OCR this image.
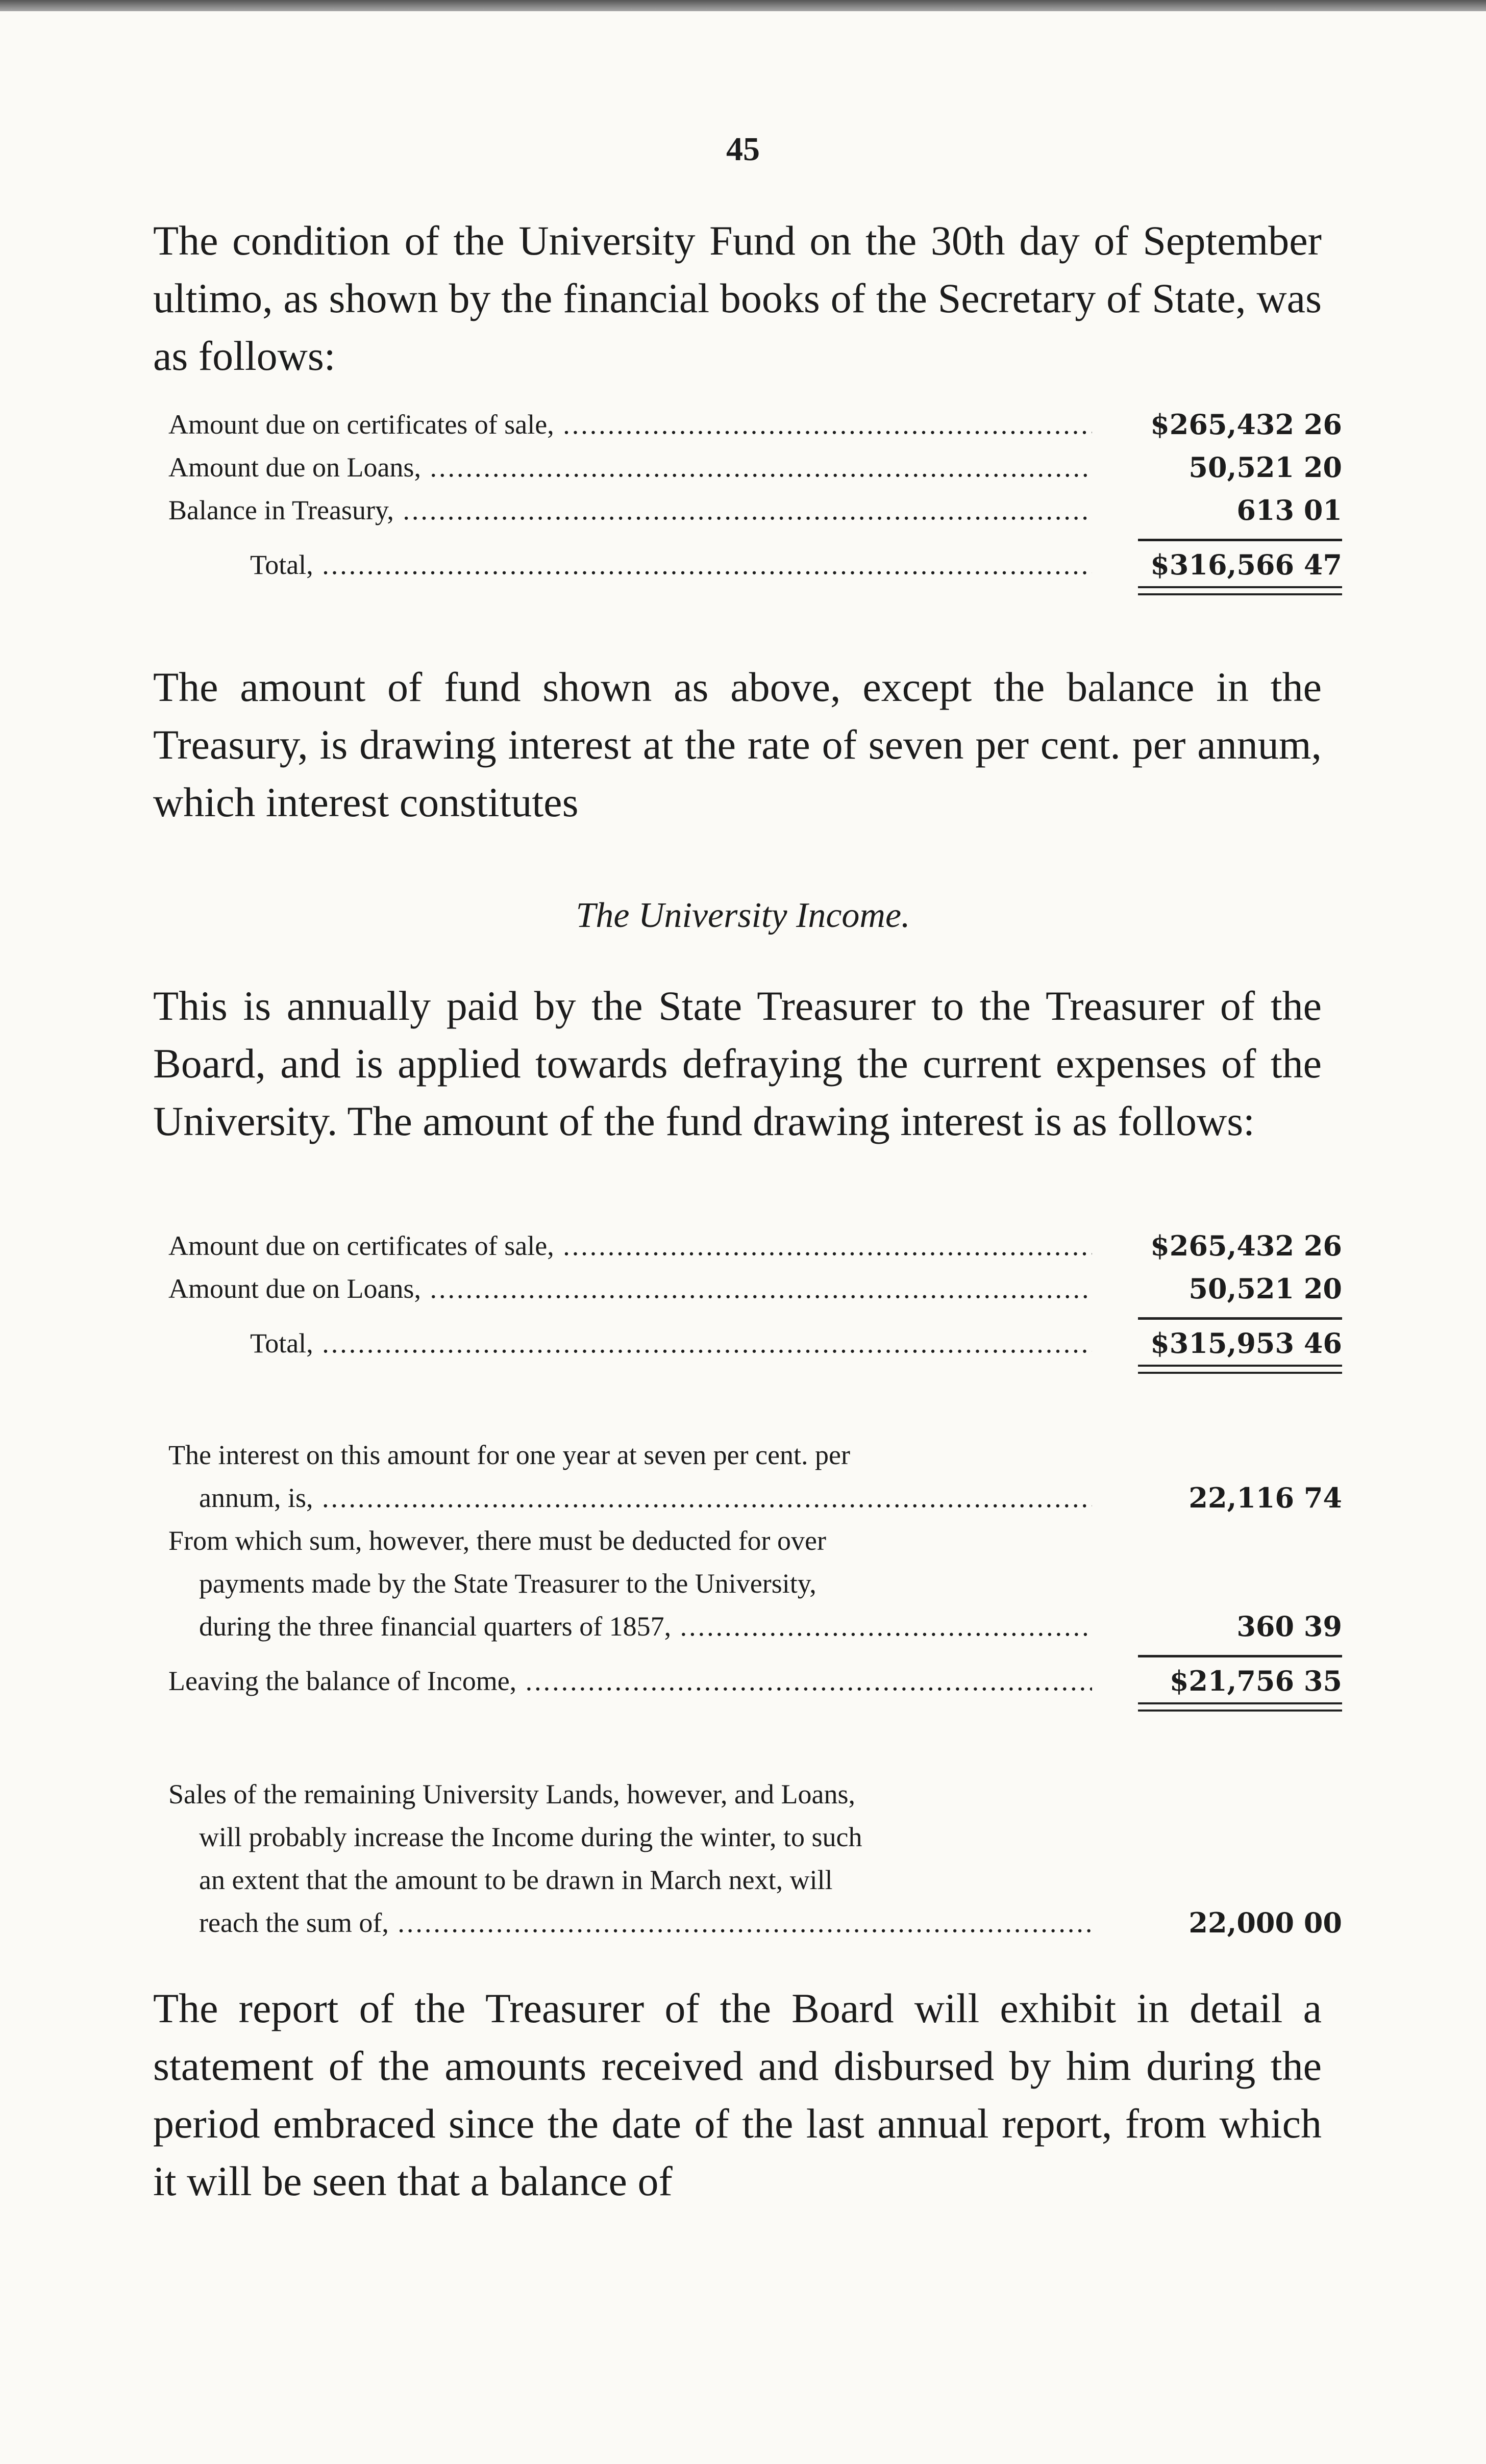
45

The condition of the University Fund on the 30th day of September ultimo, as shown by the financial books of the Secretary of State, was as follows:

Amount due on certificates of sale, .....	$265,432 26
Amount due on Loans, .....	50,521 20
Balance in Treasury, .....	613 01
Total, .....	$316,566 47

The amount of fund shown as above, except the balance in the Treasury, is drawing interest at the rate of seven per cent. per annum, which interest constitutes

The University Income.

This is annually paid by the State Treasurer to the Treasurer of the Board, and is applied towards defraying the current expenses of the University. The amount of the fund drawing interest is as follows:

Amount due on certificates of sale, .....	$265,432 26
Amount due on Loans, .....	50,521 20
Total, .....	$315,953 46
The interest on this amount for one year at seven per cent. per
annum, is, .....	22,116 74
From which sum, however, there must be deducted for over
payments made by the State Treasurer to the University,
during the three financial quarters of 1857, .....	360 39
Leaving the balance of Income, .....	$21,756 35
Sales of the remaining University Lands, however, and Loans,
will probably increase the Income during the winter, to such
an extent that the amount to be drawn in March next, will
reach the sum of, .....	22,000 00

The report of the Treasurer of the Board will exhibit in detail a statement of the amounts received and disbursed by him during the period embraced since the date of the last annual report, from which it will be seen that a balance of
